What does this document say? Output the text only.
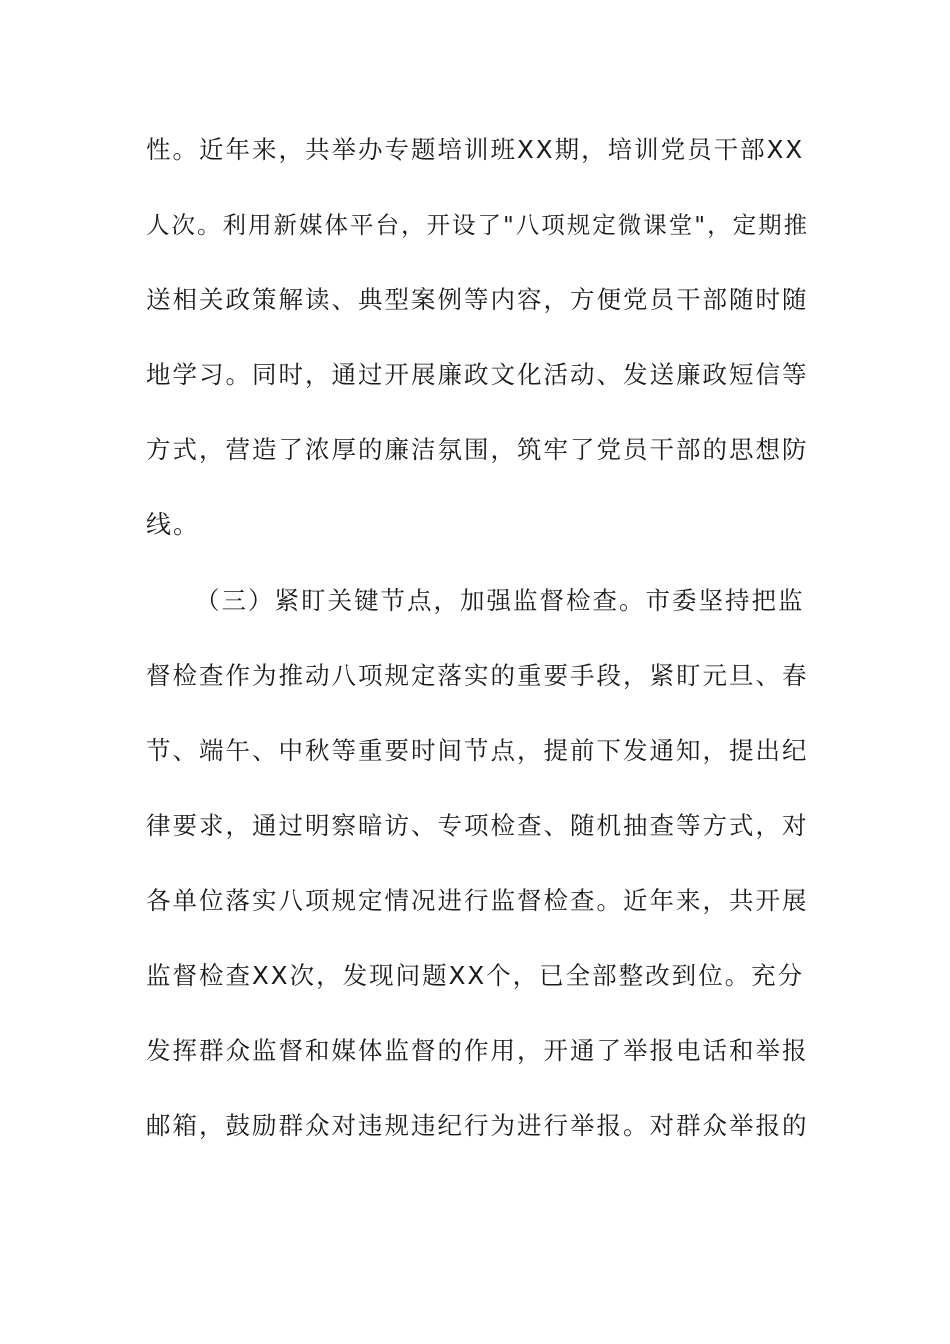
性。近年来，共举办专题培训班XX期，培训党员干部XX
人次。利用新媒体平台，开设了"八项规定微课堂"，定期推
送相关政策解读、典型案例等内容，方便党员干部随时随
地学习。同时，通过开展廉政文化活动、发送廉政短信等
方式，营造了浓厚的廉洁氛围，筑牢了党员干部的思想防
线。
（三）紧盯关键节点，加强监督检查。市委坚持把监
督检查作为推动八项规定落实的重要手段，紧盯元旦、春
节、端午、中秋等重要时间节点，提前下发通知，提出纪
律要求，通过明察暗访、专项检查、随机抽查等方式，对
各单位落实八项规定情况进行监督检查。近年来，共开展
监督检查XX次，发现问题XX个，已全部整改到位。充分
发挥群众监督和媒体监督的作用，开通了举报电话和举报
邮箱，鼓励群众对违规违纪行为进行举报。对群众举报的
